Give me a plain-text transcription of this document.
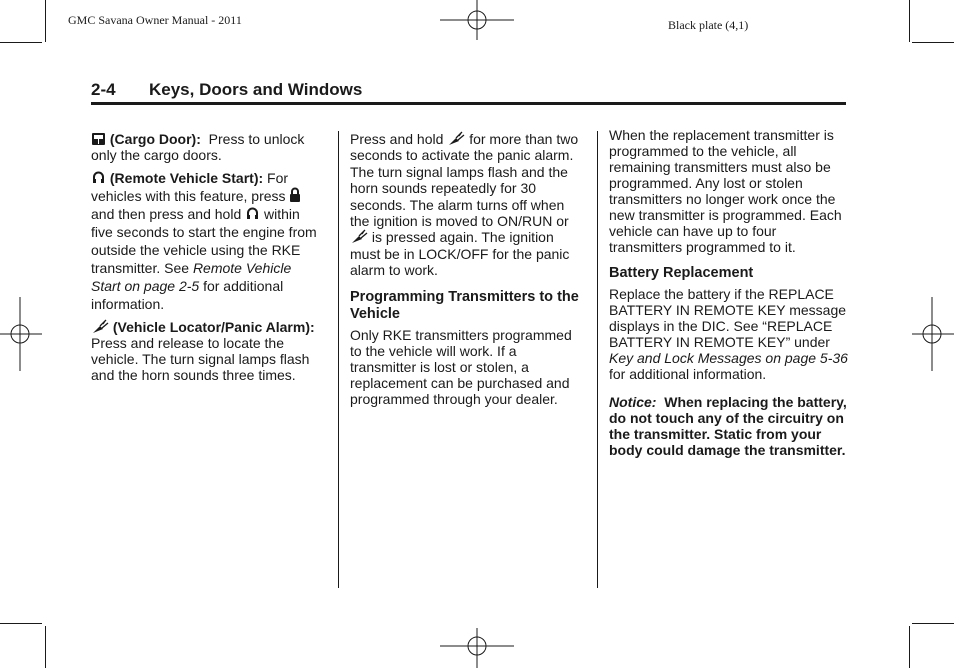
GMC Savana Owner Manual - 2011	Black plate (4,1)
2-4 Keys, Doors and Windows

(Cargo Door): Press to unlock only the cargo doors.

(Remote Vehicle Start): For vehicles with this feature, press  and then press and hold within five seconds to start the engine from outside the vehicle using the RKE transmitter. See Remote Vehicle Start on page 2-5 for additional information.

(Vehicle Locator/Panic Alarm):  Press and release to locate the vehicle. The turn signal lamps flash and the horn sounds three times.

Press and hold for more than two seconds to activate the panic alarm. The turn signal lamps flash and the horn sounds repeatedly for 30 seconds. The alarm turns off when the ignition is moved to ON/RUN or  is pressed again. The ignition must be in LOCK/OFF for the panic alarm to work.

Programming Transmitters to the Vehicle

Only RKE transmitters programmed to the vehicle will work. If a transmitter is lost or stolen, a replacement can be purchased and programmed through your dealer.

When the replacement transmitter is programmed to the vehicle, all remaining transmitters must also be programmed. Any lost or stolen transmitters no longer work once the new transmitter is programmed. Each vehicle can have up to four transmitters programmed to it.

Battery Replacement

Replace the battery if the REPLACE BATTERY IN REMOTE KEY message displays in the DIC. See “REPLACE BATTERY IN REMOTE KEY” under Key and Lock Messages on page 5-36 for additional information.

Notice: When replacing the battery, do not touch any of the circuitry on the transmitter. Static from your body could damage the transmitter.
